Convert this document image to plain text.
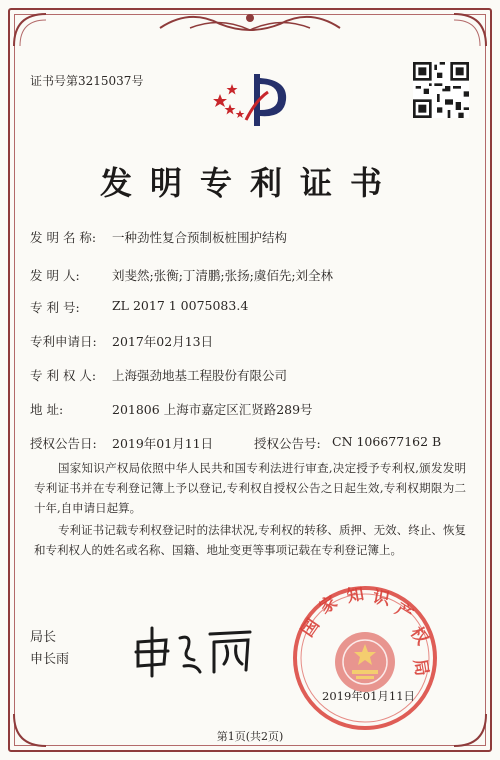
证书号第3215037号
发明专利证书
发 明 名 称: 一种劲性复合预制板桩围护结构
发 明 人:	刘斐然;张衡;丁清鹏;张扬;虞佰先;刘全林
专 利 号:	ZL 2017 1 0075083.4
专利申请日: 2017年02月13日
专 利 权 人: 上海强劲地基工程股份有限公司
地 址:	201806 上海市嘉定区汇贤路289号
授权公告日: 2019年01月11日	授权公告号: CN 106677162 B
国家知识产权局依照中华人民共和国专利法进行审查,决定授予专利权,颁发发明专利证书并在专利登记簿上予以登记,专利权自授权公告之日起生效,专利权期限为二十年,自申请日起算。
专利证书记载专利权登记时的法律状况,专利权的转移、质押、无效、终止、恢复和专利权人的姓名或名称、国籍、地址变更等事项记载在专利登记簿上。
局长
申长雨
国
家 知 识
产
权
局
2019年01月11日
第1页(共2页)
